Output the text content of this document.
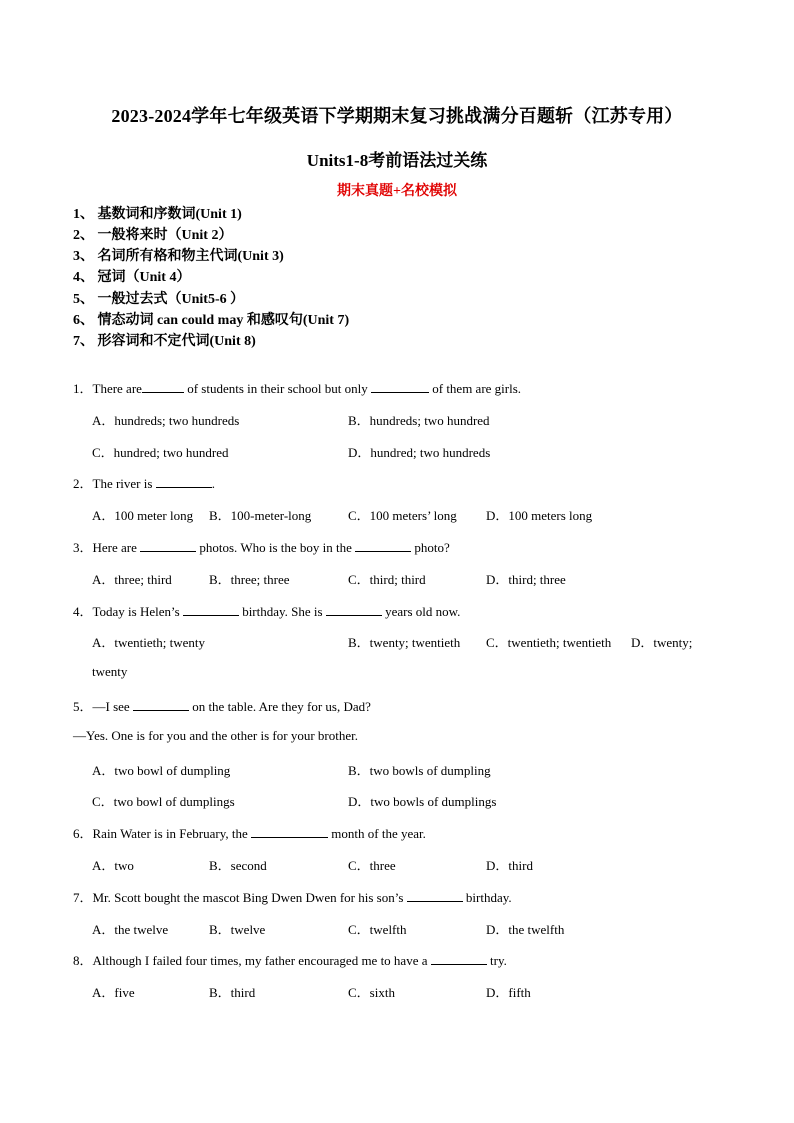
2023-2024学年七年级英语下学期期末复习挑战满分百题斩（江苏专用）
Units1-8考前语法过关练
期末真题+名校模拟
1、 基数词和序数词(Unit 1)
2、 一般将来时（Unit 2）
3、 名词所有格和物主代词(Unit 3)
4、 冠词（Unit 4）
5、 一般过去式（Unit5-6 ）
6、 情态动词 can could may 和感叹句(Unit 7)
7、 形容词和不定代词(Unit 8)
1．There are	of students in their school but only	of them are girls.
A．hundreds; two hundreds	B．hundreds; two hundred
C．hundred; two hundred	D．hundred; two hundreds
2．The river is	.
A．100 meter long B．100-meter-long	C．100 meters’ long D．100 meters long
3．Here are	photos. Who is the boy in the	photo?
A．three; third	B．three; three	C．third; third	D．third; three
4．Today is Helen’s	birthday. She is	years old now.
A．twentieth; twenty	B．twenty; twentieth C．twentieth; twentieth D．twenty;
twenty
5．—I see	on the table. Are they for us, Dad?
—Yes. One is for you and the other is for your brother.
A．two bowl of dumpling	B．two bowls of dumpling
C．two bowl of dumplings	D．two bowls of dumplings
6．Rain Water is in February, the	month of the year.
A．two	B．second	C．three	D．third
7．Mr. Scott bought the mascot Bing Dwen Dwen for his son’s	birthday.
A．the twelve	B．twelve	C．twelfth	D．the twelfth
8．Although I failed four times, my father encouraged me to have a	try.
A．five	B．third	C．sixth	D．fifth
